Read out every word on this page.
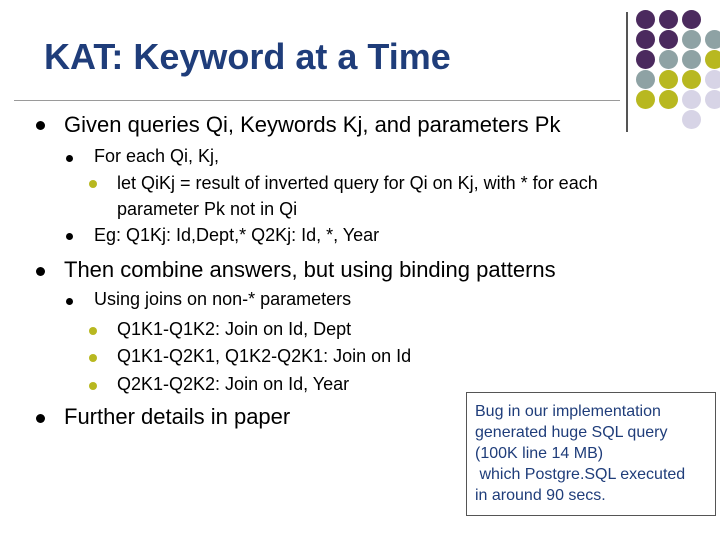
KAT: Keyword at a Time
Given queries Qi, Keywords Kj, and parameters Pk
For each Qi, Kj,
let QiKj = result of inverted query for Qi on Kj, with * for each
parameter Pk not in Qi
Eg: Q1Kj: Id,Dept,* Q2Kj: Id, *, Year
Then combine answers, but using binding patterns
Using joins on non-* parameters
Q1K1-Q1K2: Join on Id, Dept
Q1K1-Q2K1, Q1K2-Q2K1: Join on Id
Q2K1-Q2K2: Join on Id, Year
Further details in paper	Bug in our implementation
generated huge SQL query
(100K line 14 MB)
which Postgre.SQL executed
in around 90 secs.
